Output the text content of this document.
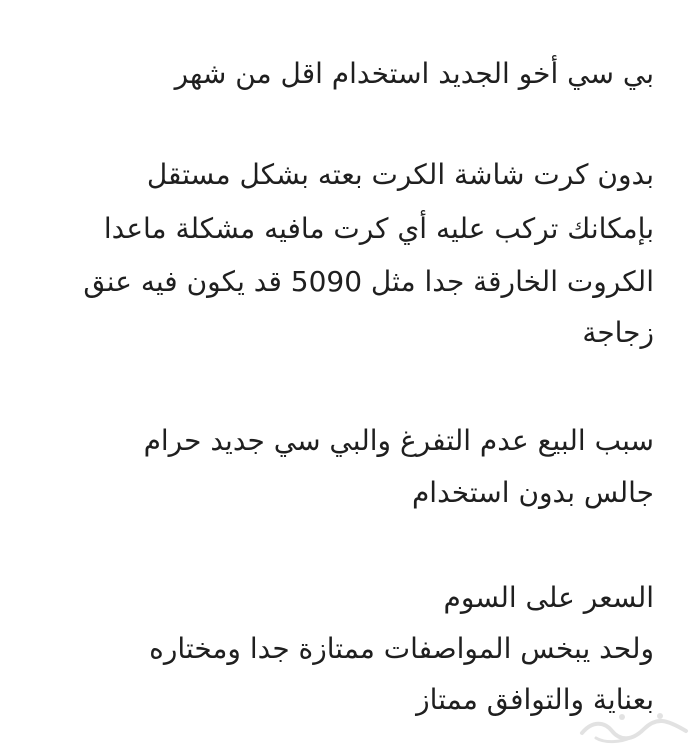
بي سي أخو الجديد استخدام اقل من شهر
بدون كرت شاشة الكرت بعته بشكل مستقل
بإمكانك تركب عليه أي كرت مافيه مشكلة ماعدا
الكروت الخارقة جدا مثل 5090 قد يكون فيه عنق
زجاجة
سبب البيع عدم التفرغ والبي سي جديد حرام
جالس بدون استخدام
السعر على السوم
ولحد يبخس المواصفات ممتازة جدا ومختاره
بعناية والتوافق ممتاز
